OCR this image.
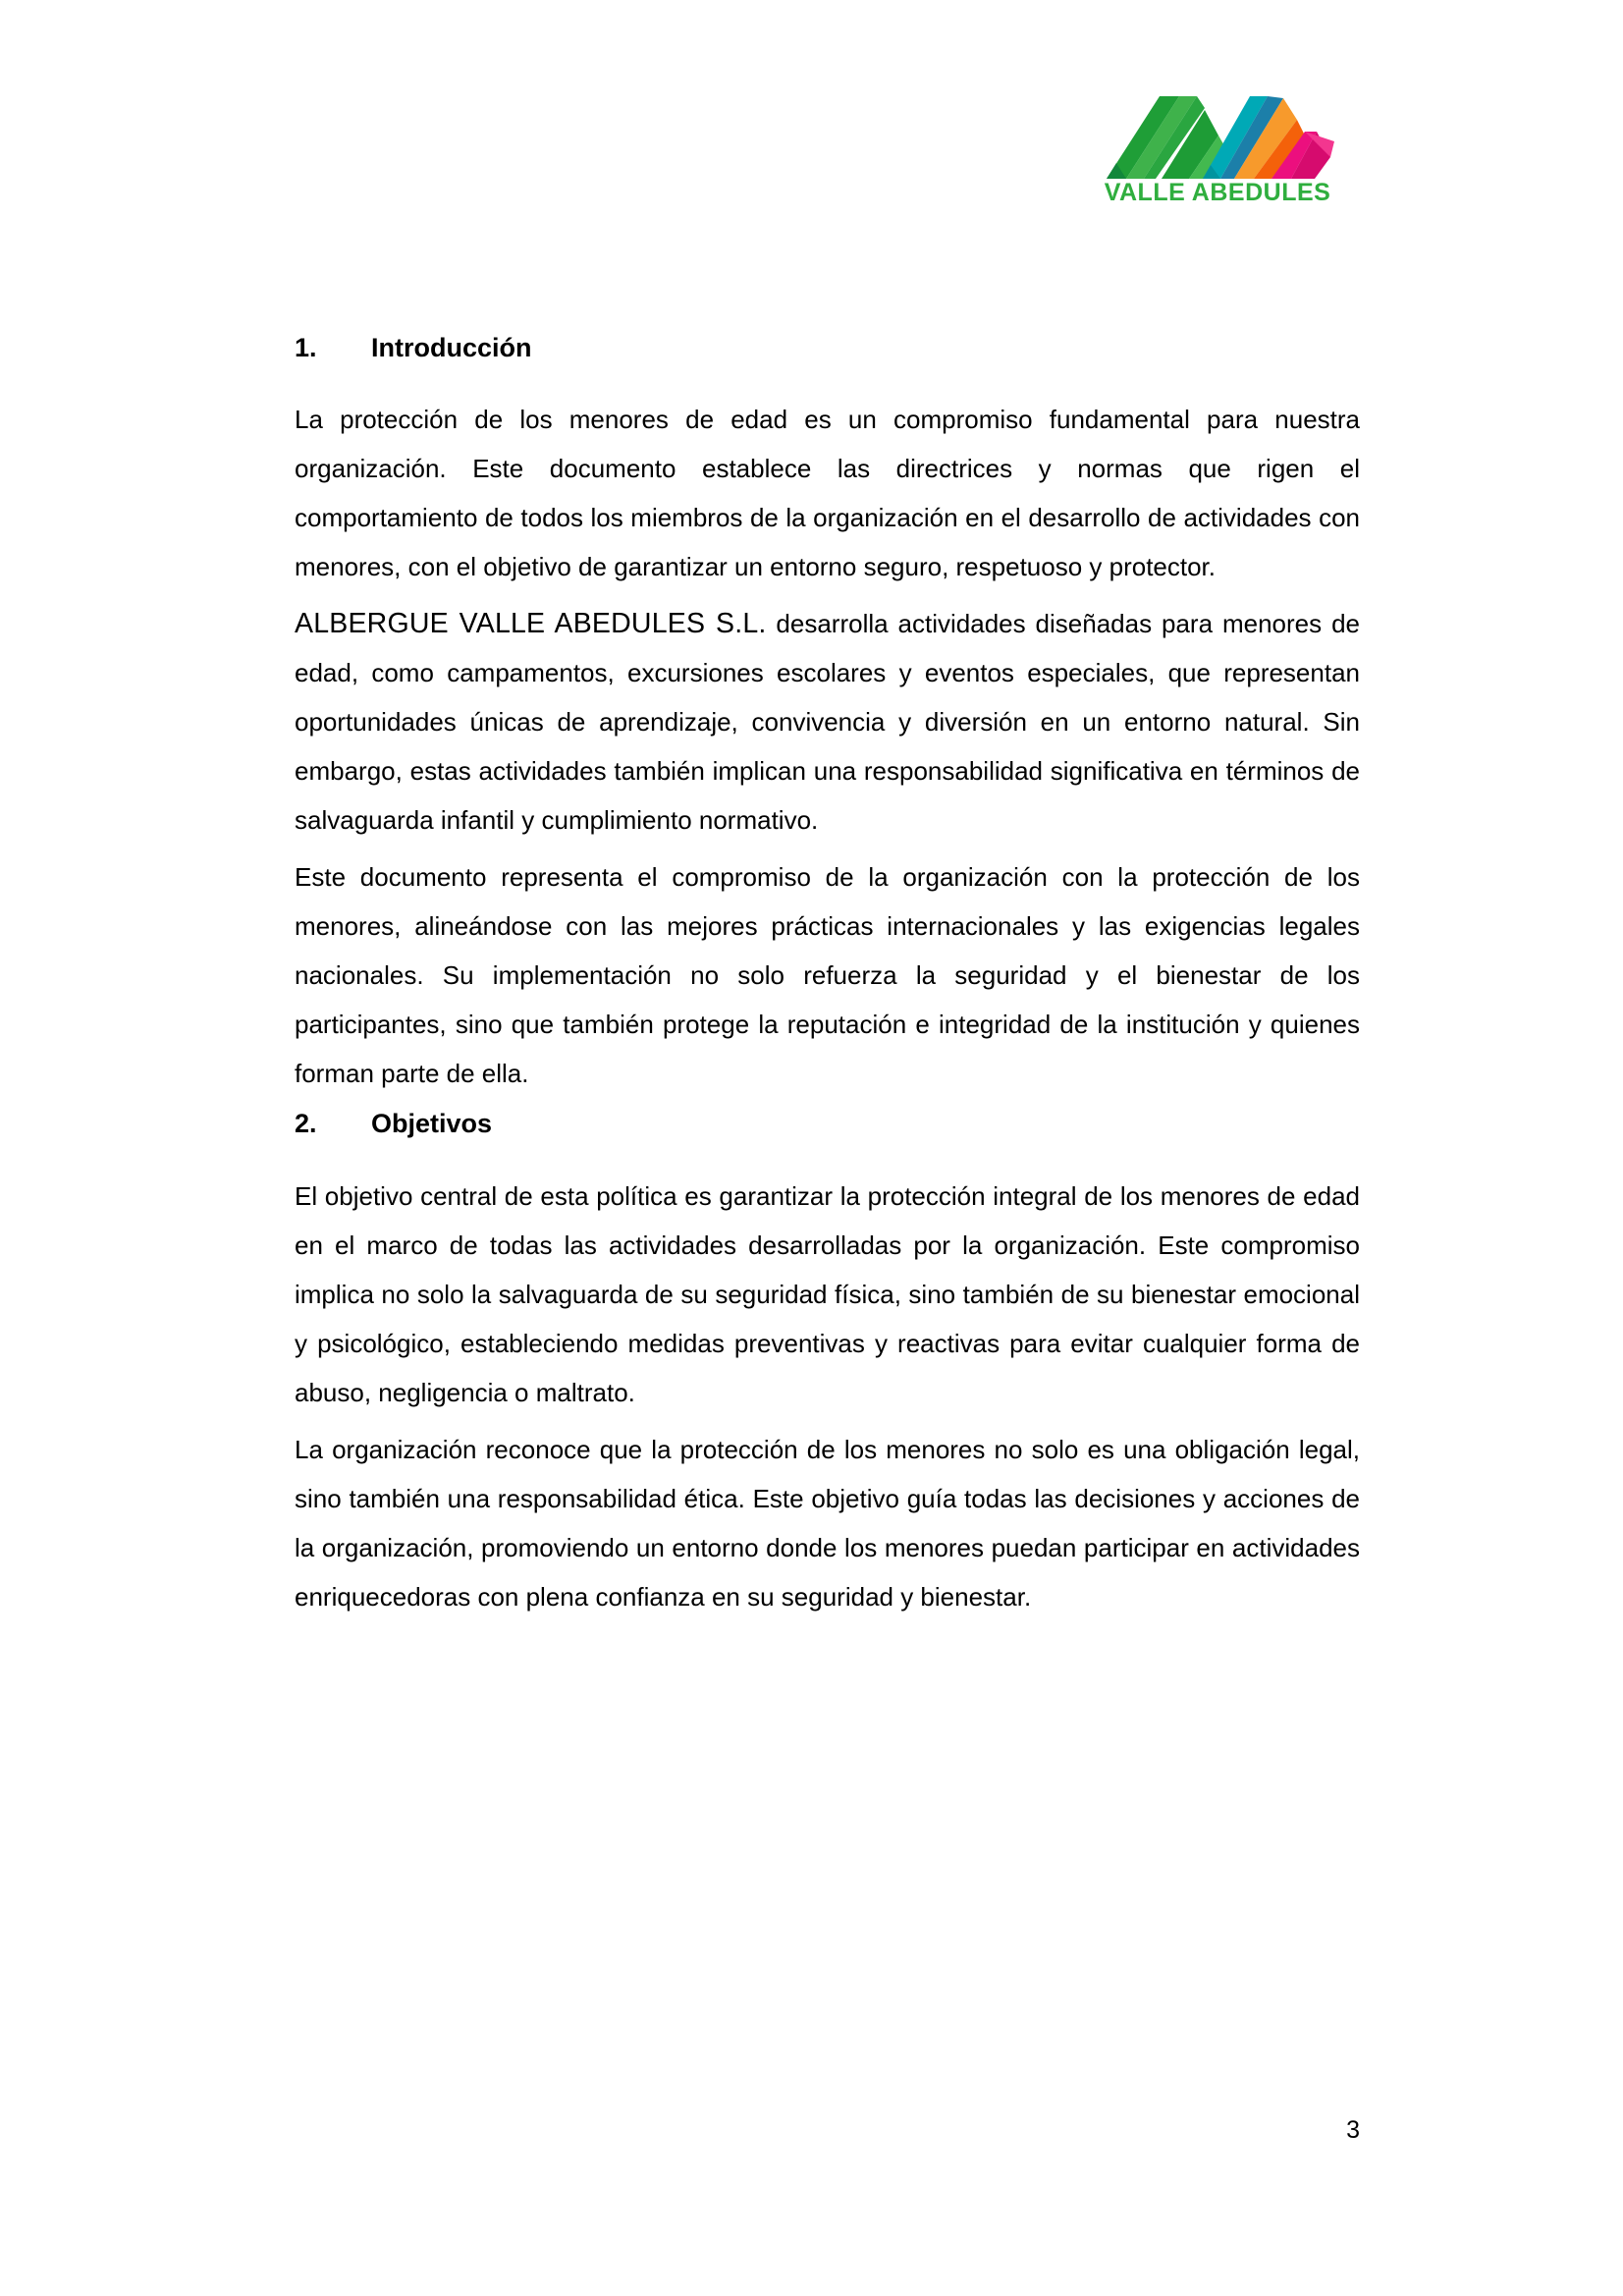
VALLE ABEDULES
1.	Introducción

La protección de los menores de edad es un compromiso fundamental para nuestra organización. Este documento establece las directrices y normas que rigen el comportamiento de todos los miembros de la organización en el desarrollo de actividades con menores, con el objetivo de garantizar un entorno seguro, respetuoso y protector.

ALBERGUE VALLE ABEDULES S.L. desarrolla actividades diseñadas para menores de edad, como campamentos, excursiones escolares y eventos especiales, que representan oportunidades únicas de aprendizaje, convivencia y diversión en un entorno natural. Sin embargo, estas actividades también implican una responsabilidad significativa en términos de salvaguarda infantil y cumplimiento normativo.

Este documento representa el compromiso de la organización con la protección de los menores, alineándose con las mejores prácticas internacionales y las exigencias legales nacionales. Su implementación no solo refuerza la seguridad y el bienestar de los participantes, sino que también protege la reputación e integridad de la institución y quienes forman parte de ella.

2.	Objetivos

El objetivo central de esta política es garantizar la protección integral de los menores de edad en el marco de todas las actividades desarrolladas por la organización. Este compromiso implica no solo la salvaguarda de su seguridad física, sino también de su bienestar emocional y psicológico, estableciendo medidas preventivas y reactivas para evitar cualquier forma de abuso, negligencia o maltrato.

La organización reconoce que la protección de los menores no solo es una obligación legal, sino también una responsabilidad ética. Este objetivo guía todas las decisiones y acciones de la organización, promoviendo un entorno donde los menores puedan participar en actividades enriquecedoras con plena confianza en su seguridad y bienestar.

3
